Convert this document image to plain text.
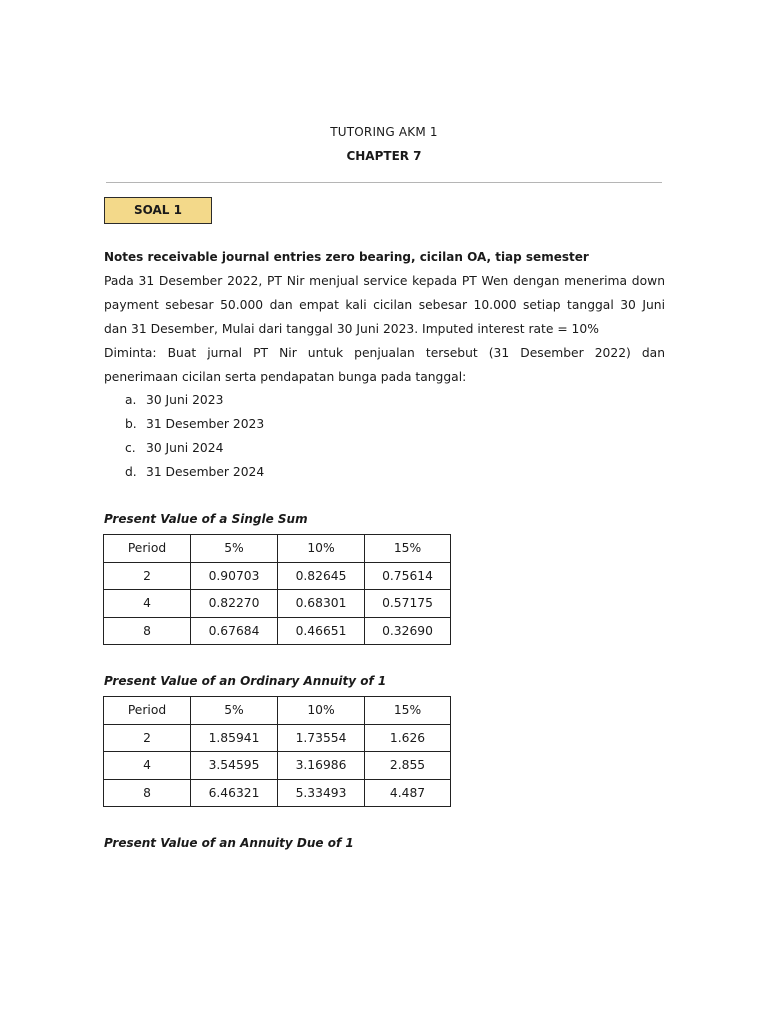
TUTORING AKM 1
CHAPTER 7
SOAL 1
Notes receivable journal entries zero bearing, cicilan OA, tiap semester
Pada 31 Desember 2022, PT Nir menjual service kepada PT Wen dengan menerima down
payment sebesar 50.000 dan empat kali cicilan sebesar 10.000 setiap tanggal 30 Juni
dan 31 Desember, Mulai dari tanggal 30 Juni 2023. Imputed interest rate = 10%
Diminta: Buat jurnal PT Nir untuk penjualan tersebut (31 Desember 2022) dan
penerimaan cicilan serta pendapatan bunga pada tanggal:
a. 30 Juni 2023
b. 31 Desember 2023
c. 30 Juni 2024
d. 31 Desember 2024
Present Value of a Single Sum
Period	5%	10%	15%
2	0.90703	0.82645	0.75614
4	0.82270	0.68301	0.57175
8	0.67684	0.46651	0.32690
Present Value of an Ordinary Annuity of 1
Period	5%	10%	15%
2	1.85941	1.73554	1.626
4	3.54595	3.16986	2.855
8	6.46321	5.33493	4.487
Present Value of an Annuity Due of 1
